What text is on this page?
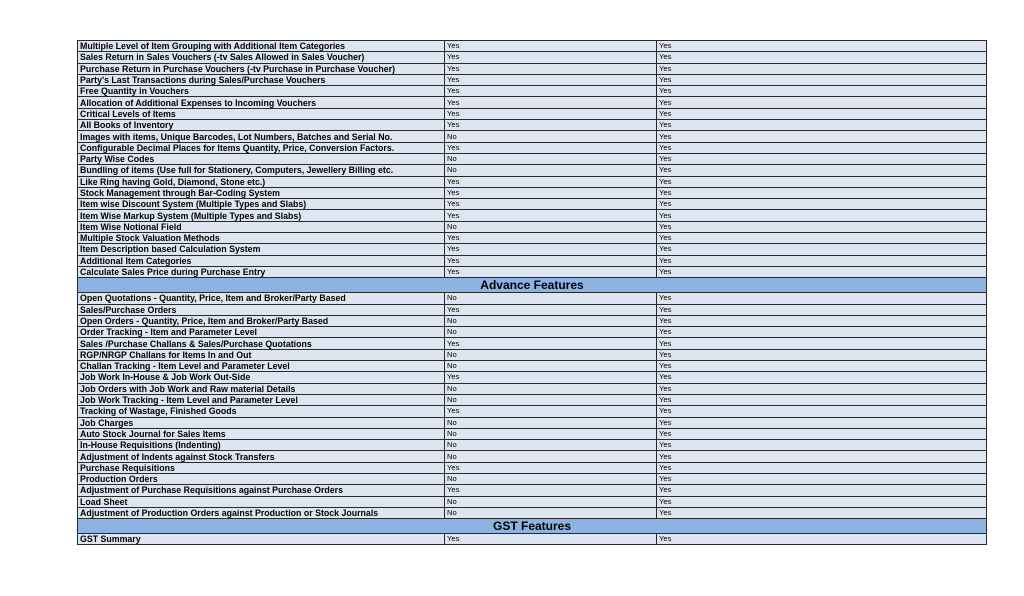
Multiple Level of Item Grouping with Additional Item Categories	Yes	Yes
Sales Return in Sales Vouchers (-tv Sales Allowed in Sales Voucher)	Yes	Yes
Purchase Return in Purchase Vouchers (-tv Purchase in Purchase Voucher)	Yes	Yes
Party's Last Transactions during Sales/Purchase Vouchers	Yes	Yes
Free Quantity in Vouchers	Yes	Yes
Allocation of Additional Expenses to Incoming Vouchers	Yes	Yes
Critical Levels of Items	Yes	Yes
All Books of Inventory	Yes	Yes
Images with items, Unique Barcodes, Lot Numbers, Batches and Serial No.	No	Yes
Configurable Decimal Places for Items Quantity, Price, Conversion Factors.	Yes	Yes
Party Wise Codes	No	Yes
Bundling of items (Use full for Stationery, Computers, Jewellery Billing etc.	No	Yes
Like Ring having Gold, Diamond, Stone etc.)	Yes	Yes
Stock Management through Bar-Coding System	Yes	Yes
Item wise Discount System (Multiple Types and Slabs)	Yes	Yes
Item Wise Markup System (Multiple Types and Slabs)	Yes	Yes
Item Wise Notional Field	No	Yes
Multiple Stock Valuation Methods	Yes	Yes
Item Description based Calculation System	Yes	Yes
Additional Item Categories	Yes	Yes
Calculate Sales Price during Purchase Entry	Yes	Yes
Advance Features		
Open Quotations - Quantity, Price, Item and Broker/Party Based	No	Yes
Sales/Purchase Orders	Yes	Yes
Open Orders - Quantity, Price, Item and Broker/Party Based	No	Yes
Order Tracking - Item and Parameter Level	No	Yes
Sales /Purchase Challans & Sales/Purchase Quotations	Yes	Yes
RGP/NRGP Challans for Items In and Out	No	Yes
Challan Tracking - Item Level and Parameter Level	No	Yes
Job Work In-House & Job Work Out-Side	Yes	Yes
Job Orders with Job Work and Raw material Details	No	Yes
Job Work Tracking - Item Level and Parameter Level	No	Yes
Tracking of Wastage, Finished Goods	Yes	Yes
Job Charges	No	Yes
Auto Stock Journal for Sales Items	No	Yes
In-House Requisitions (Indenting)	No	Yes
Adjustment of Indents against Stock Transfers	No	Yes
Purchase Requisitions	Yes	Yes
Production Orders	No	Yes
Adjustment of Purchase Requisitions against Purchase Orders	Yes	Yes
Load Sheet	No	Yes
Adjustment of Production Orders against Production or Stock Journals	No	Yes
GST Features		
GST Summary	Yes	Yes
